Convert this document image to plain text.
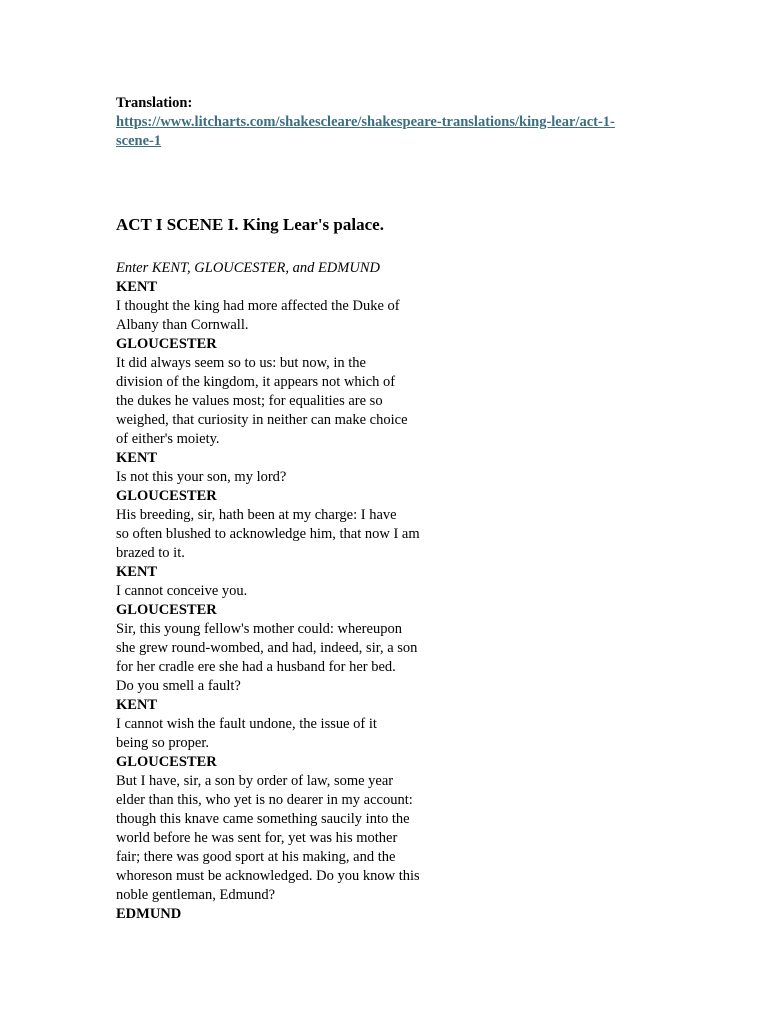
Translation:

https://www.litcharts.com/shakescleare/shakespeare-translations/king-lear/act-1-
scene-1
ACT I SCENE I. King Lear's palace.

Enter KENT, GLOUCESTER, and EDMUND

KENT

I thought the king had more affected the Duke of

Albany than Cornwall.

GLOUCESTER

It did always seem so to us: but now, in the

division of the kingdom, it appears not which of

the dukes he values most; for equalities are so

weighed, that curiosity in neither can make choice

of either's moiety.

KENT

Is not this your son, my lord?

GLOUCESTER

His breeding, sir, hath been at my charge: I have

so often blushed to acknowledge him, that now I am

brazed to it.

KENT

I cannot conceive you.

GLOUCESTER

Sir, this young fellow's mother could: whereupon

she grew round-wombed, and had, indeed, sir, a son

for her cradle ere she had a husband for her bed.

Do you smell a fault?

KENT

I cannot wish the fault undone, the issue of it

being so proper.

GLOUCESTER

But I have, sir, a son by order of law, some year

elder than this, who yet is no dearer in my account:

though this knave came something saucily into the

world before he was sent for, yet was his mother

fair; there was good sport at his making, and the

whoreson must be acknowledged. Do you know this

noble gentleman, Edmund?

EDMUND
